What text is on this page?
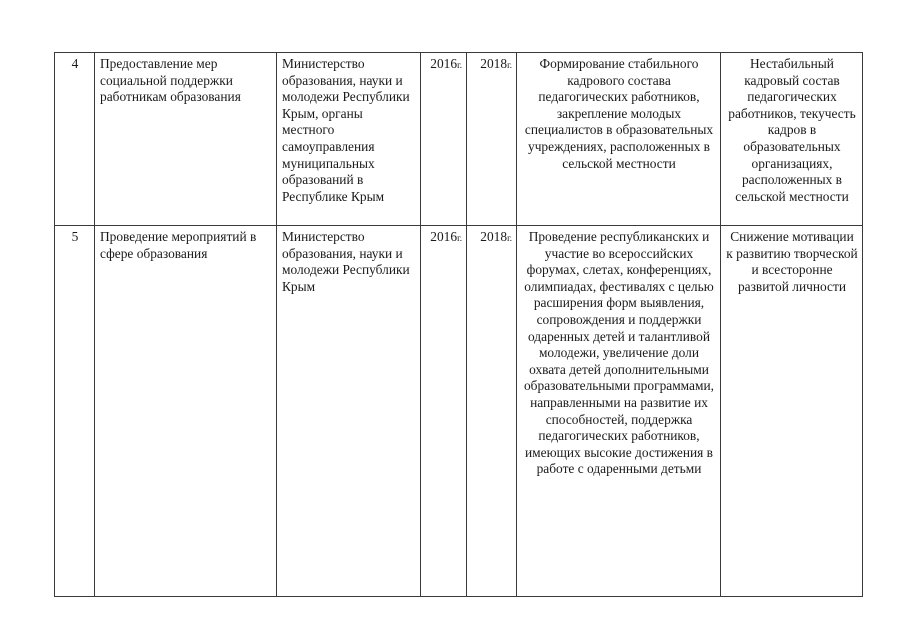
4	Предоставление мер социальной поддержки работникам образования	Министерство образования, науки и молодежи Республики Крым, органы местного самоуправления муниципальных образований в Республике Крым	2016г.	2018г.	Формирование стабильного кадрового состава педагогических работников, закрепление молодых специалистов в образовательных учреждениях, расположенных в сельской местности	Нестабильный кадровый состав педагогических работников, текучесть кадров в образовательных организациях, расположенных в сельской местности
5	Проведение мероприятий в сфере образования	Министерство образования, науки и молодежи Республики Крым	2016г.	2018г.	Проведение республиканских и участие во всероссийских форумах, слетах, конференциях, олимпиадах, фестивалях с целью расширения форм выявления, сопровождения и поддержки одаренных детей и талантливой молодежи, увеличение доли охвата детей дополнительными образовательными программами, направленными на развитие их способностей, поддержка педагогических работников, имеющих высокие достижения в работе с одаренными детьми	Снижение мотивации к развитию творческой и всесторонне развитой личности
